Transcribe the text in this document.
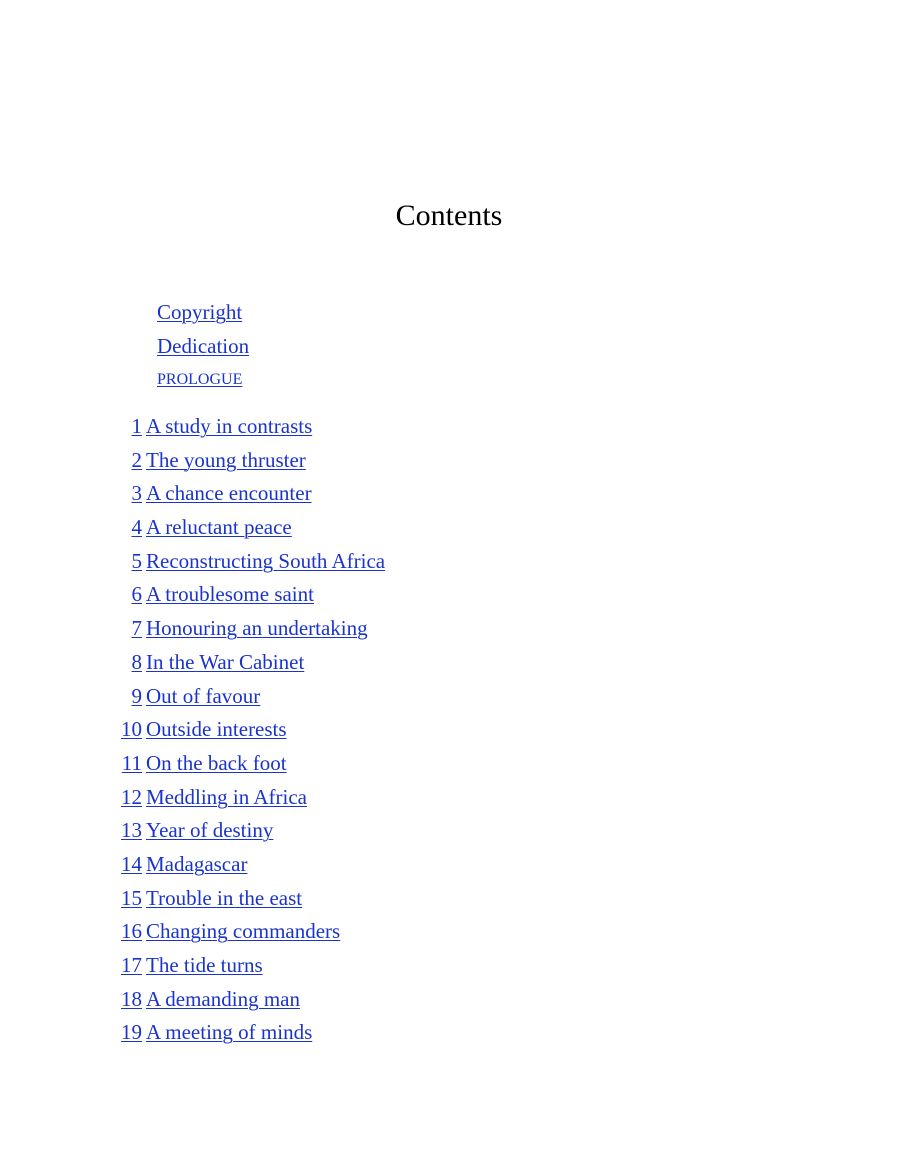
Contents
Copyright
Dedication
PROLOGUE
1 A study in contrasts
2 The young thruster
3 A chance encounter
4 A reluctant peace
5 Reconstructing South Africa
6 A troublesome saint
7 Honouring an undertaking
8 In the War Cabinet
9 Out of favour
10 Outside interests
11 On the back foot
12 Meddling in Africa
13 Year of destiny
14 Madagascar
15 Trouble in the east
16 Changing commanders
17 The tide turns
18 A demanding man
19 A meeting of minds
